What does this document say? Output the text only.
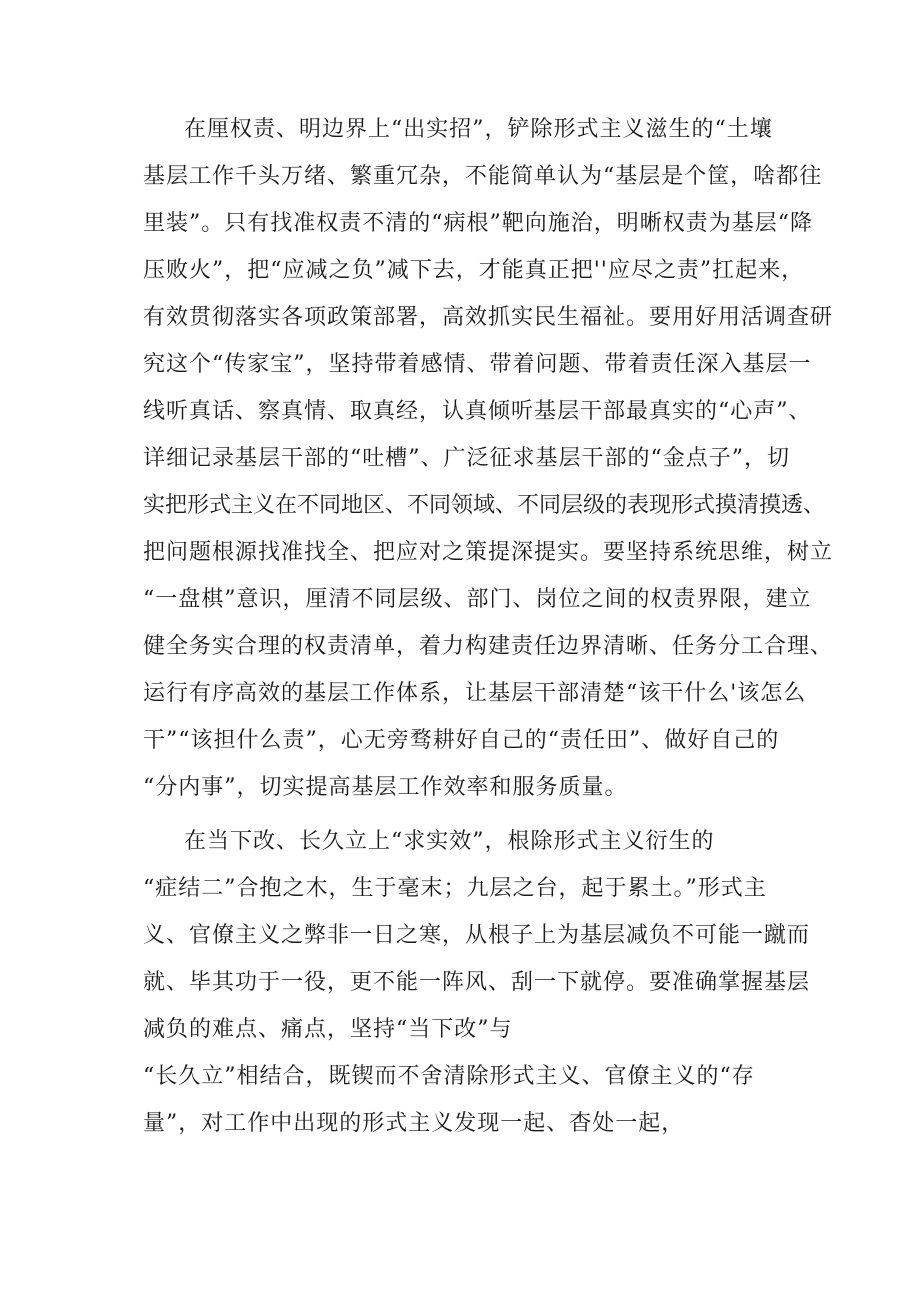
在厘权责、明边界上“出实招”，铲除形式主义滋生的“土壤
基层工作千头万绪、繁重冗杂，不能简单认为“基层是个筐，啥都往
里装”。只有找准权责不清的“病根”靶向施治，明晰权责为基层“降
压败火”，把“应减之负”减下去，才能真正把''应尽之责”扛起来，
有效贯彻落实各项政策部署，高效抓实民生福祉。要用好用活调查研
究这个“传家宝”，坚持带着感情、带着问题、带着责任深入基层一
线听真话、察真情、取真经，认真倾听基层干部最真实的“心声”、
详细记录基层干部的“吐槽”、广泛征求基层干部的“金点子”，切
实把形式主义在不同地区、不同领域、不同层级的表现形式摸清摸透、
把问题根源找准找全、把应对之策提深提实。要坚持系统思维，树立
“一盘棋”意识，厘清不同层级、部门、岗位之间的权责界限，建立
健全务实合理的权责清单，着力构建责任边界清晰、任务分工合理、
运行有序高效的基层工作体系，让基层干部清楚“该干什么'该怎么
干”“该担什么责”，心无旁骛耕好自己的“责任田”、做好自己的
“分内事”，切实提高基层工作效率和服务质量。
在当下改、长久立上“求实效”，根除形式主义衍生的
“症结二”合抱之木，生于毫末；九层之台，起于累土。”形式主
义、官僚主义之弊非一日之寒，从根子上为基层减负不可能一蹴而
就、毕其功于一役，更不能一阵风、刮一下就停。要准确掌握基层
减负的难点、痛点，坚持“当下改”与
“长久立”相结合，既锲而不舍清除形式主义、官僚主义的“存
量”，对工作中出现的形式主义发现一起、杳处一起，
